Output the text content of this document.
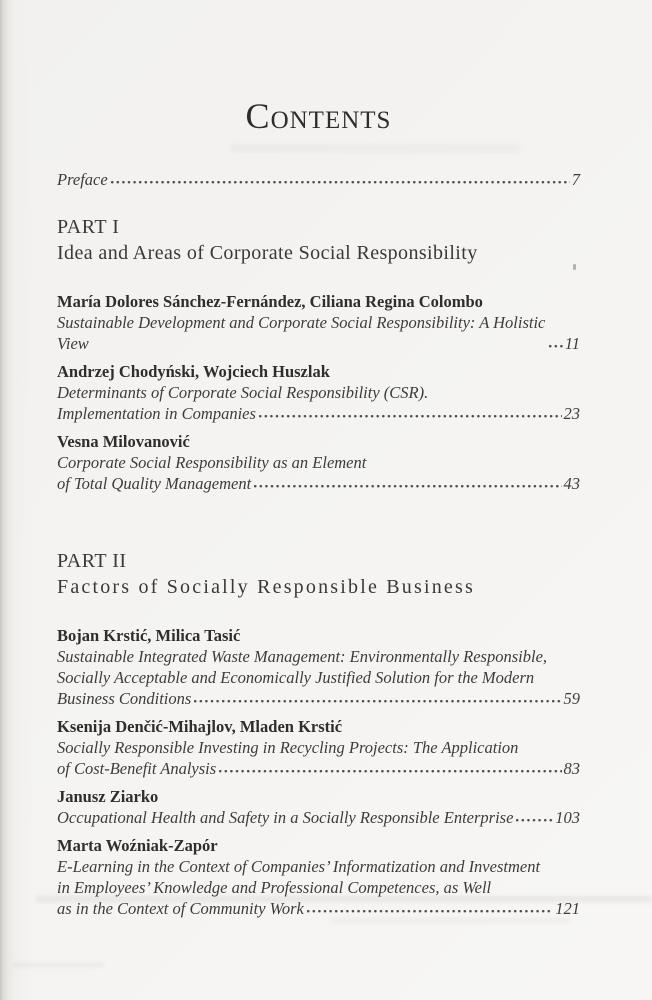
CONTENTS
Preface	7
PART I
Idea and Areas of Corporate Social Responsibility
María Dolores Sánchez-Fernández, Ciliana Regina Colombo
Sustainable Development and Corporate Social Responsibility: A Holistic View	11
Andrzej Chodyński, Wojciech Huszlak
Determinants of Corporate Social Responsibility (CSR).
Implementation in Companies	23
Vesna Milovanović
Corporate Social Responsibility as an Element
of Total Quality Management	43
PART II
Factors of Socially Responsible Business
Bojan Krstić, Milica Tasić
Sustainable Integrated Waste Management: Environmentally Responsible,
Socially Acceptable and Economically Justified Solution for the Modern
Business Conditions	59
Ksenija Denčić-Mihajlov, Mladen Krstić
Socially Responsible Investing in Recycling Projects: The Application
of Cost-Benefit Analysis	83
Janusz Ziarko
Occupational Health and Safety in a Socially Responsible Enterprise	103
Marta Woźniak-Zapór
E-Learning in the Context of Companies’ Informatization and Investment
in Employees’ Knowledge and Professional Competences, as Well
as in the Context of Community Work	121
